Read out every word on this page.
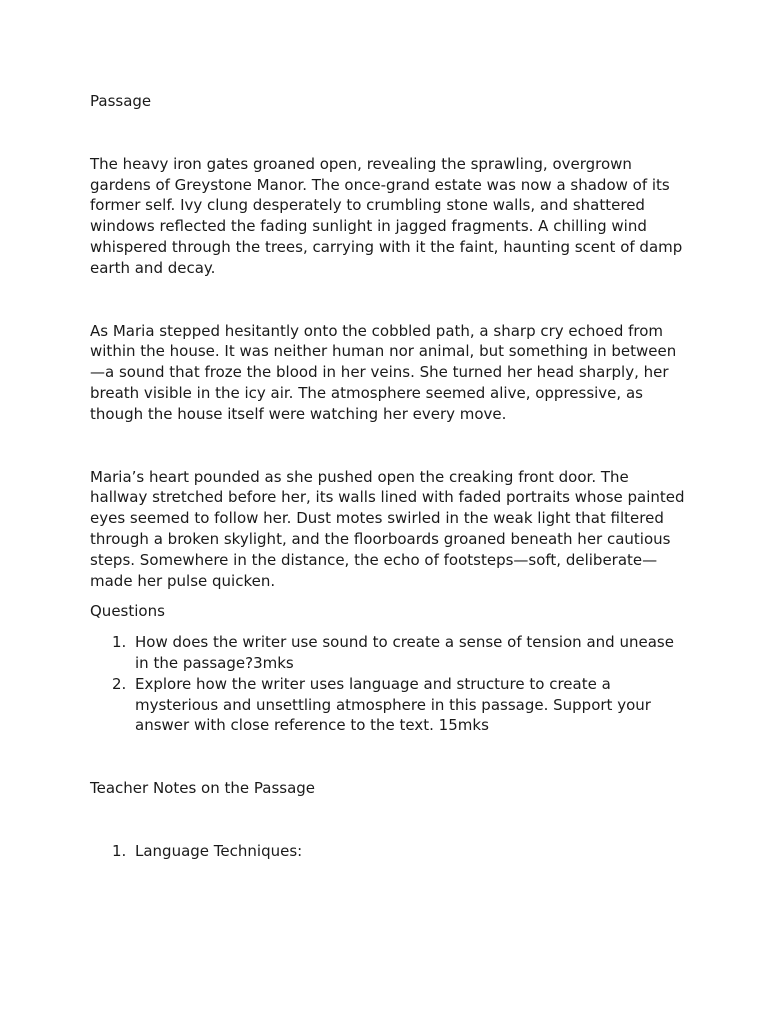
Passage

The heavy iron gates groaned open, revealing the sprawling, overgrown gardens of Greystone Manor. The once-grand estate was now a shadow of its former self. Ivy clung desperately to crumbling stone walls, and shattered windows reflected the fading sunlight in jagged fragments. A chilling wind whispered through the trees, carrying with it the faint, haunting scent of damp earth and decay.

As Maria stepped hesitantly onto the cobbled path, a sharp cry echoed from within the house. It was neither human nor animal, but something in between—a sound that froze the blood in her veins. She turned her head sharply, her breath visible in the icy air. The atmosphere seemed alive, oppressive, as though the house itself were watching her every move.

Maria’s heart pounded as she pushed open the creaking front door. The hallway stretched before her, its walls lined with faded portraits whose painted eyes seemed to follow her. Dust motes swirled in the weak light that filtered through a broken skylight, and the floorboards groaned beneath her cautious steps. Somewhere in the distance, the echo of footsteps—soft, deliberate—made her pulse quicken.

Questions

1. How does the writer use sound to create a sense of tension and unease in the passage?3mks
2. Explore how the writer uses language and structure to create a mysterious and unsettling atmosphere in this passage. Support your answer with close reference to the text. 15mks

Teacher Notes on the Passage

1. Language Techniques:
